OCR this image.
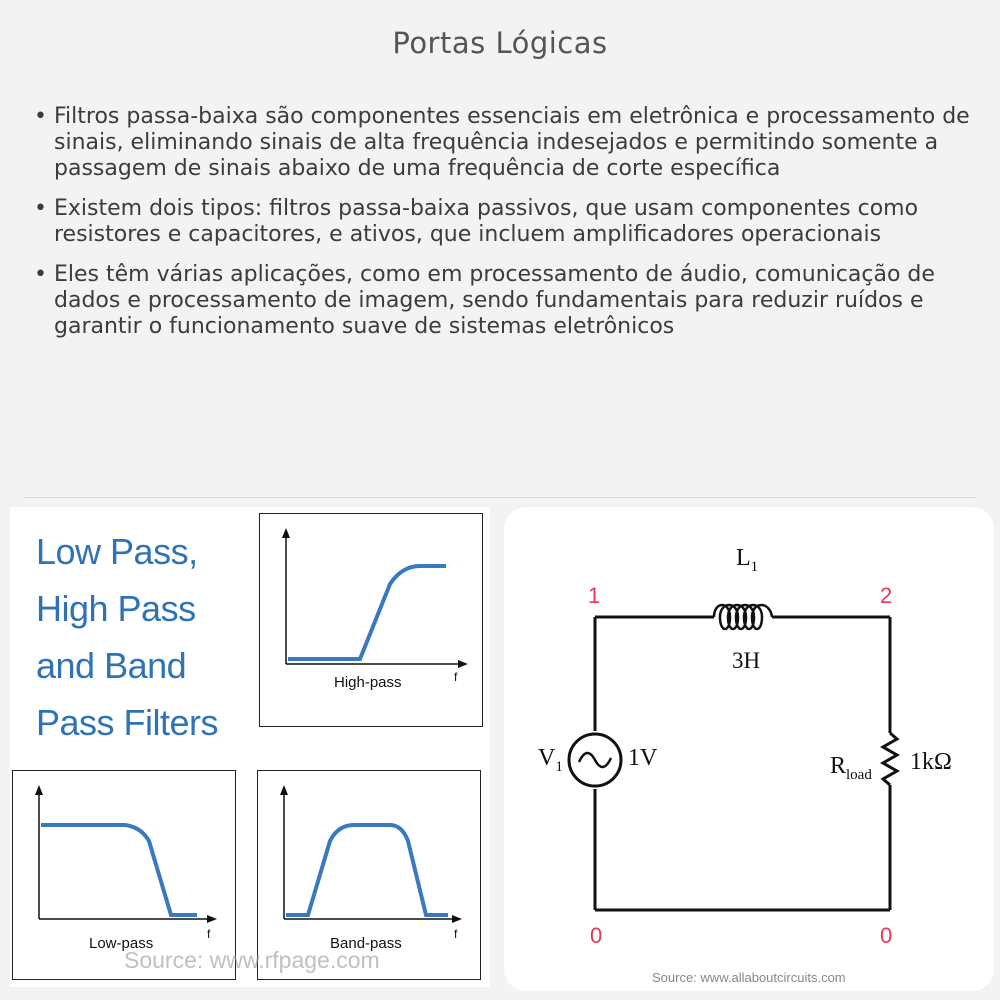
Portas Lógicas
• Filtros passa-baixa são componentes essenciais em eletrônica e processamento de sinais, eliminando sinais de alta frequência indesejados e permitindo somente a passagem de sinais abaixo de uma frequência de corte específica
• Existem dois tipos: filtros passa-baixa passivos, que usam componentes como resistores e capacitores, e ativos, que incluem amplificadores operacionais
• Eles têm várias aplicações, como em processamento de áudio, comunicação de dados e processamento de imagem, sendo fundamentais para reduzir ruídos e garantir o funcionamento suave de sistemas eletrônicos
Low Pass,
High Pass
and Band
Pass Filters
High-pass	f
Low-pass
f
Band-pass
f
Source: www.rfpage.com
$L_1$
3H
$V_1$	1V	$R_{load}$ 1kΩ
1	2
0	0
Source: www.allaboutcircuits.com
